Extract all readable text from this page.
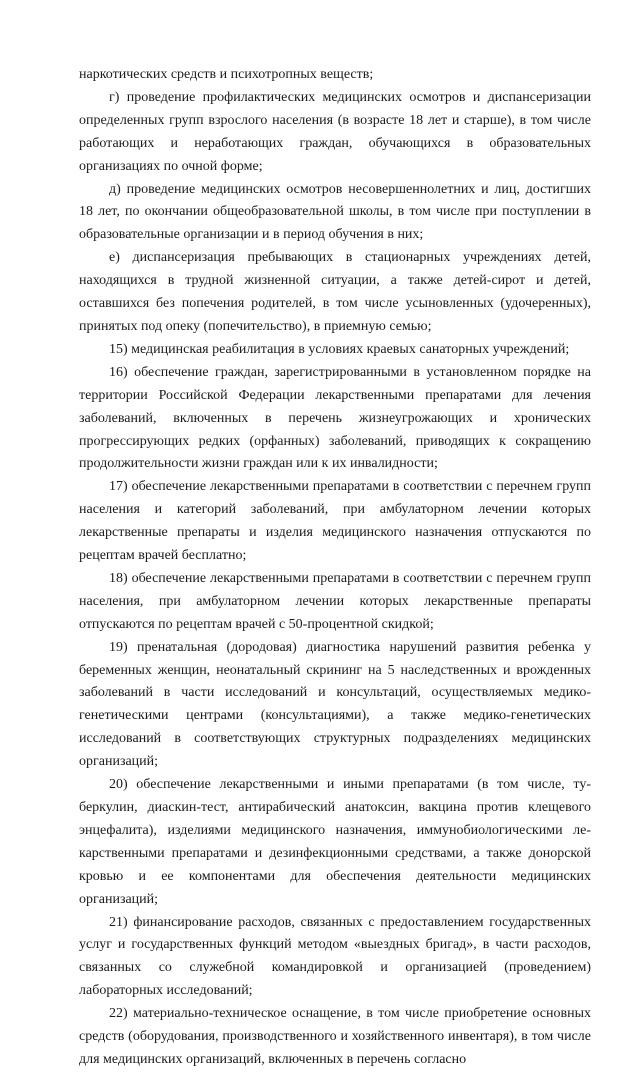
наркотических средств и психотропных веществ;

г) проведение профилактических медицинских осмотров и диспансеризации определенных групп взрослого населения (в возрасте 18 лет и старше), в том числе работающих и неработающих граждан, обучающихся в образовательных организациях по очной форме;

д) проведение медицинских осмотров несовершеннолетних и лиц, достигших 18 лет, по окончании общеобразовательной школы, в том числе при поступлении в образовательные организации и в период обучения в них;

е) диспансеризация пребывающих в стационарных учреждениях детей, находящихся в трудной жизненной ситуации, а также детей-сирот и детей, оставшихся без попечения родителей, в том числе усыновленных (удочеренных), принятых под опеку (попечительство), в приемную семью;

15) медицинская реабилитация в условиях краевых санаторных учреждений;

16) обеспечение граждан, зарегистрированными в установленном порядке на территории Российской Федерации лекарственными препаратами для лечения заболеваний, включенных в перечень жизнеугрожающих и хронических прогрессирующих редких (орфанных) заболеваний, приводящих к сокращению продолжительности жизни граждан или к их инвалидности;

17) обеспечение лекарственными препаратами в соответствии с перечнем групп населения и категорий заболеваний, при амбулаторном лечении которых лекарственные препараты и изделия медицинского назначения отпускаются по рецептам врачей бесплатно;

18) обеспечение лекарственными препаратами в соответствии с перечнем групп населения, при амбулаторном лечении которых лекарственные препараты отпускаются по рецептам врачей с 50-процентной скидкой;

19) пренатальная (дородовая) диагностика нарушений развития ребенка у беременных женщин, неонатальный скрининг на 5 наследственных и врожденных заболеваний в части исследований и консультаций, осуществляемых медико-генетическими центрами (консультациями), а также медико-генетических исследований в соответствующих структурных подразделениях медицинских организаций;

20) обеспечение лекарственными и иными препаратами (в том числе, туберкулин, диаскин-тест, антирабический анатоксин, вакцина против клещевого энцефалита), изделиями медицинского назначения, иммунобиологическими лекарственными препаратами и дезинфекционными средствами, а также донорской кровью и ее компонентами для обеспечения деятельности медицинских организаций;

21) финансирование расходов, связанных с предоставлением государственных услуг и государственных функций методом «выездных бригад», в части расходов, связанных со служебной командировкой и организацией (проведением) лабораторных исследований;

22) материально-техническое оснащение, в том числе приобретение основных средств (оборудования, производственного и хозяйственного инвентаря), в том числе для медицинских организаций, включенных в перечень согласно
